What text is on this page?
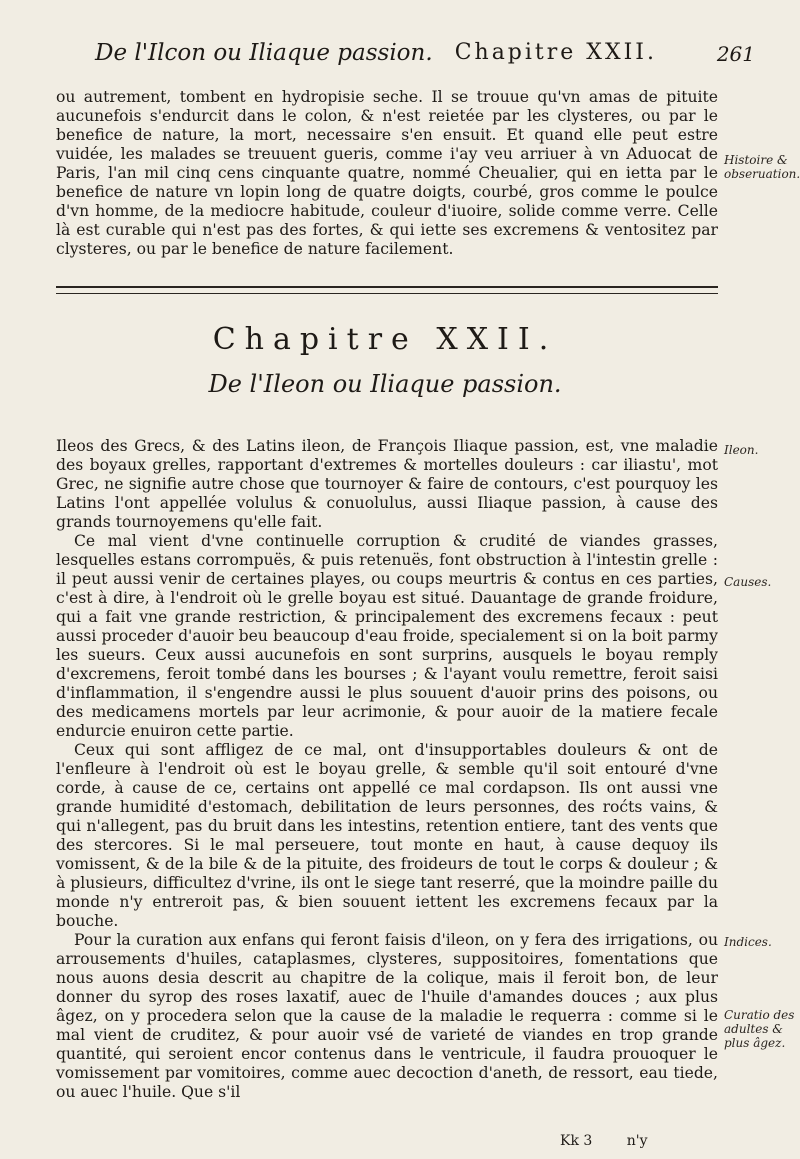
De l'Ilcon ou Iliaque passion. Chapitre XXII.	261

ou autrement, tombent en hydropisie seche. Il se trouue qu'vn amas de pituite aucunefois s'endurcit dans le colon, & n'est reietée par les clysteres, ou par le benefice de nature, la mort, necessaire s'en ensuit. Et quand elle peut estre vuidée, les malades se treuuent gueris, comme i'ay veu arriuer à vn Aduocat de Paris, l'an mil cinq cens cinquante quatre, nommé Cheualier, qui en ietta par le benefice de nature vn lopin long de quatre doigts, courbé, gros comme le poulce d'vn homme, de la mediocre habitude, couleur d'iuoire, solide comme verre. Celle là est curable qui n'est pas des fortes, & qui iette ses excremens & ventositez par clysteres, ou par le benefice de nature facilement.

Histoire & obseruation.
Chapitre XXII.
De l'Ileon ou Iliaque passion.

Ileos des Grecs, & des Latins ileon, de François Iliaque passion, est, vne maladie des boyaux grelles, rapportant d'extremes & mortelles douleurs : car iliastu', mot Grec, ne signifie autre chose que tournoyer & faire de contours, c'est pourquoy les Latins l'ont appellée volulus & conuolulus, aussi Iliaque passion, à cause des grands tournoyemens qu'elle fait.

Ce mal vient d'vne continuelle corruption & crudité de viandes grasses, lesquelles estans corrompuës, & puis retenuës, font obstruction à l'intestin grelle : il peut aussi venir de certaines playes, ou coups meurtris & contus en ces parties, c'est à dire, à l'endroit où le grelle boyau est situé. Dauantage de grande froidure, qui a fait vne grande restriction, & principalement des excremens fecaux : peut aussi proceder d'auoir beu beaucoup d'eau froide, specialement si on la boit parmy les sueurs. Ceux aussi aucunefois en sont surprins, ausquels le boyau remply d'excremens, feroit tombé dans les bourses ; & l'ayant voulu remettre, feroit saisi d'inflammation, il s'engendre aussi le plus souuent d'auoir prins des poisons, ou des medicamens mortels par leur acrimonie, & pour auoir de la matiere fecale endurcie enuiron cette partie.

Ceux qui sont affligez de ce mal, ont d'insupportables douleurs & ont de l'enfleure à l'endroit où est le boyau grelle, & semble qu'il soit entouré d'vne corde, à cause de ce, certains ont appellé ce mal cordapson. Ils ont aussi vne grande humidité d'estomach, debilitation de leurs personnes, des roćts vains, & qui n'allegent, pas du bruit dans les intestins, retention entiere, tant des vents que des stercores. Si le mal perseuere, tout monte en haut, à cause dequoy ils vomissent, & de la bile & de la pituite, des froideurs de tout le corps & douleur ; & à plusieurs, difficultez d'vrine, ils ont le siege tant reserré, que la moindre paille du monde n'y entreroit pas, & bien souuent iettent les excremens fecaux par la bouche.

Pour la curation aux enfans qui feront faisis d'ileon, on y fera des irrigations, ou arrousements d'huiles, cataplasmes, clysteres, suppositoires, fomentations que nous auons desia descrit au chapitre de la colique, mais il feroit bon, de leur donner du syrop des roses laxatif, auec de l'huile d'amandes douces ; aux plus âgez, on y procedera selon que la cause de la maladie le requerra : comme si le mal vient de cruditez, & pour auoir vsé de varieté de viandes en trop grande quantité, qui seroient encor contenus dans le ventricule, il faudra prouoquer le vomissement par vomitoires, comme auec decoction d'aneth, de ressort, eau tiede, ou auec l'huile. Que s'il

Ileon.
Causes.
Indices.
Curatio des adultes & plus âgez.
Kk 3 n'y
